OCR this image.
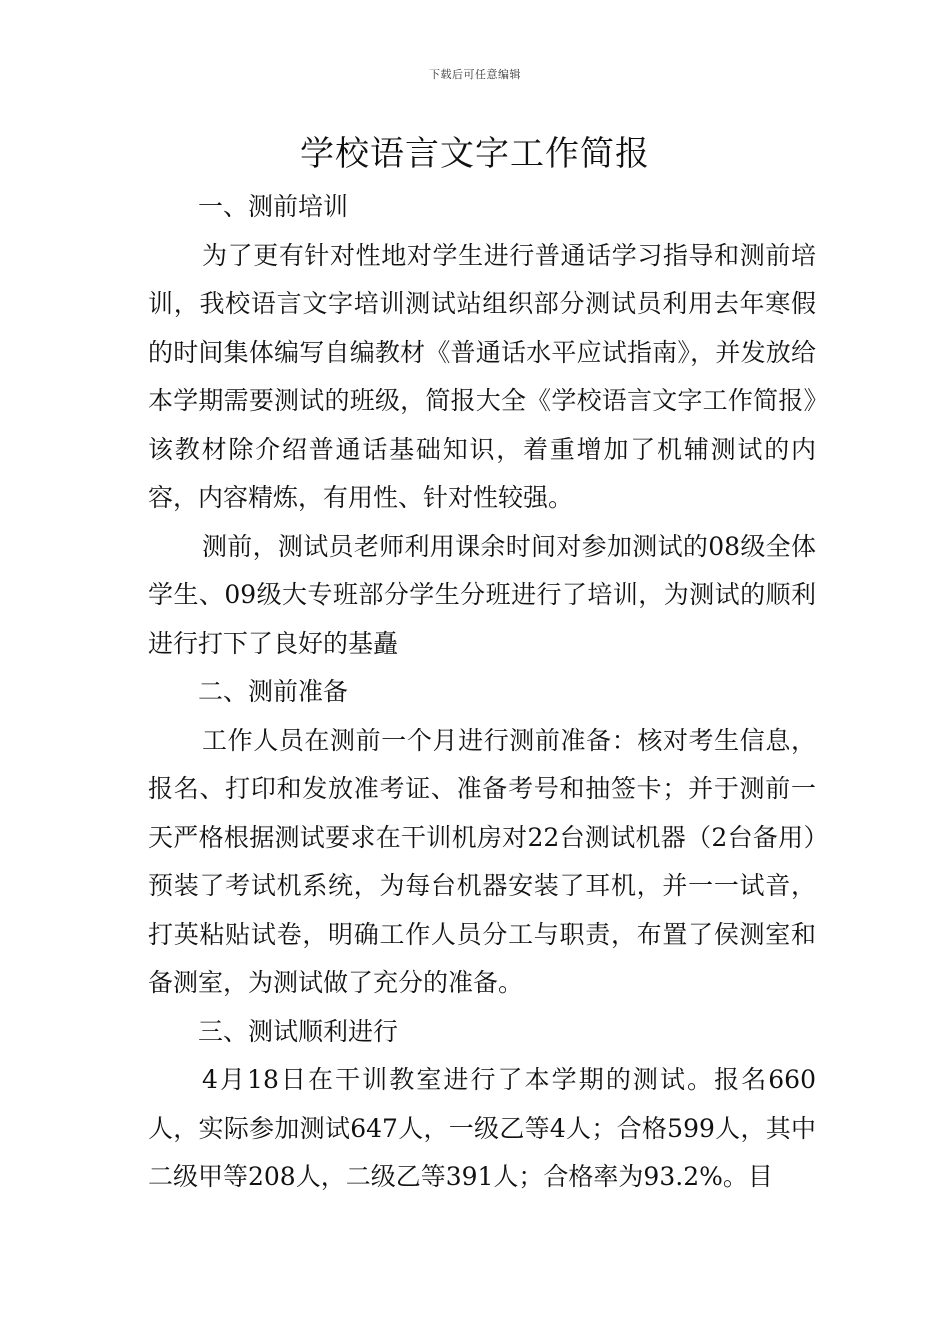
下载后可任意编辑
学校语言文字工作简报

一、测前培训

为了更有针对性地对学生进行普通话学习指导和测前培训，我校语言文字培训测试站组织部分测试员利用去年寒假的时间集体编写自编教材《普通话水平应试指南》，并发放给本学期需要测试的班级，简报大全《学校语言文字工作简报》该教材除介绍普通话基础知识，着重增加了机辅测试的内容，内容精炼，有用性、针对性较强。

测前，测试员老师利用课余时间对参加测试的08级全体学生、09级大专班部分学生分班进行了培训，为测试的顺利进行打下了良好的基矗

二、测前准备

工作人员在测前一个月进行测前准备：核对考生信息，报名、打印和发放准考证、准备考号和抽签卡；并于测前一天严格根据测试要求在干训机房对22台测试机器（2台备用）预装了考试机系统，为每台机器安装了耳机，并一一试音，打英粘贴试卷，明确工作人员分工与职责，布置了侯测室和备测室，为测试做了充分的准备。

三、测试顺利进行

4月18日在干训教室进行了本学期的测试。报名660人，实际参加测试647人，一级乙等4人；合格599人，其中二级甲等208人，二级乙等391人；合格率为93.2%。目
